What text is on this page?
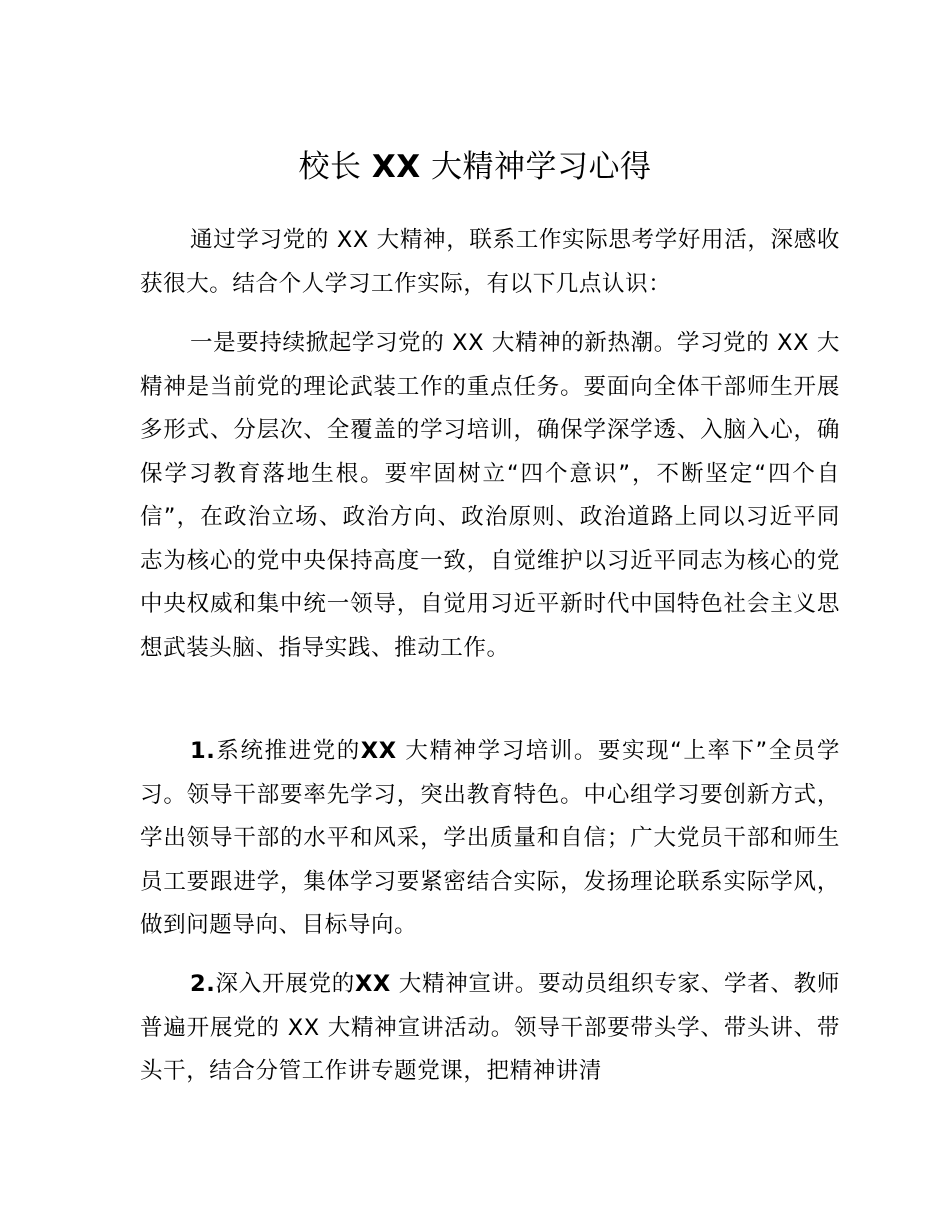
校长 XX 大精神学习心得

通过学习党的 XX 大精神，联系工作实际思考学好用活，深感收获很大。结合个人学习工作实际，有以下几点认识：

一是要持续掀起学习党的 XX 大精神的新热潮。学习党的 XX 大精神是当前党的理论武装工作的重点任务。要面向全体干部师生开展多形式、分层次、全覆盖的学习培训，确保学深学透、入脑入心，确保学习教育落地生根。要牢固树立“四个意识”，不断坚定“四个自信”，在政治立场、政治方向、政治原则、政治道路上同以习近平同志为核心的党中央保持高度一致，自觉维护以习近平同志为核心的党中央权威和集中统一领导，自觉用习近平新时代中国特色社会主义思想武装头脑、指导实践、推动工作。

1.系统推进党的XX 大精神学习培训。要实现“上率下”全员学习。领导干部要率先学习，突出教育特色。中心组学习要创新方式，学出领导干部的水平和风采，学出质量和自信；广大党员干部和师生员工要跟进学，集体学习要紧密结合实际，发扬理论联系实际学风，做到问题导向、目标导向。

2.深入开展党的XX 大精神宣讲。要动员组织专家、学者、教师普遍开展党的 XX 大精神宣讲活动。领导干部要带头学、带头讲、带头干，结合分管工作讲专题党课，把精神讲清
